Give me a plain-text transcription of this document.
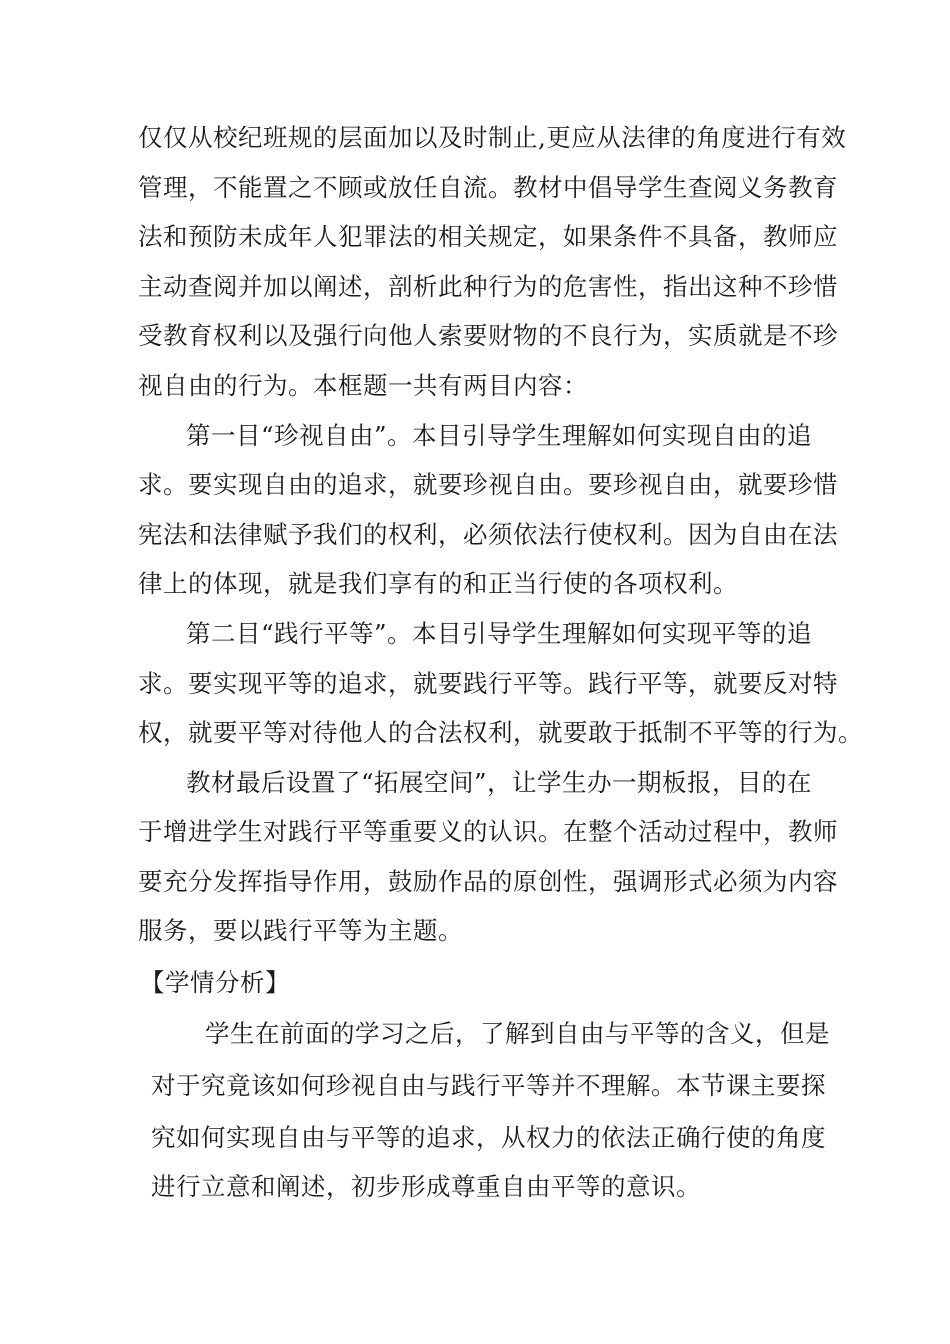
仅仅从校纪班规的层面加以及时制止,更应从法律的角度进行有效
管理，不能置之不顾或放任自流。教材中倡导学生查阅义务教育
法和预防未成年人犯罪法的相关规定，如果条件不具备，教师应
主动查阅并加以阐述，剖析此种行为的危害性，指出这种不珍惜
受教育权利以及强行向他人索要财物的不良行为，实质就是不珍
视自由的行为。本框题一共有两目内容：
第一目“珍视自由”。本目引导学生理解如何实现自由的追
求。要实现自由的追求，就要珍视自由。要珍视自由，就要珍惜
宪法和法律赋予我们的权利，必须依法行使权利。因为自由在法
律上的体现，就是我们享有的和正当行使的各项权利。
第二目“践行平等”。本目引导学生理解如何实现平等的追
求。要实现平等的追求，就要践行平等。践行平等，就要反对特
权，就要平等对待他人的合法权利，就要敢于抵制不平等的行为。
教材最后设置了“拓展空间”，让学生办一期板报，目的在
于增进学生对践行平等重要义的认识。在整个活动过程中，教师
要充分发挥指导作用，鼓励作品的原创性，强调形式必须为内容
服务，要以践行平等为主题。
【学情分析】
学生在前面的学习之后，了解到自由与平等的含义，但是
对于究竟该如何珍视自由与践行平等并不理解。本节课主要探
究如何实现自由与平等的追求，从权力的依法正确行使的角度
进行立意和阐述，初步形成尊重自由平等的意识。
